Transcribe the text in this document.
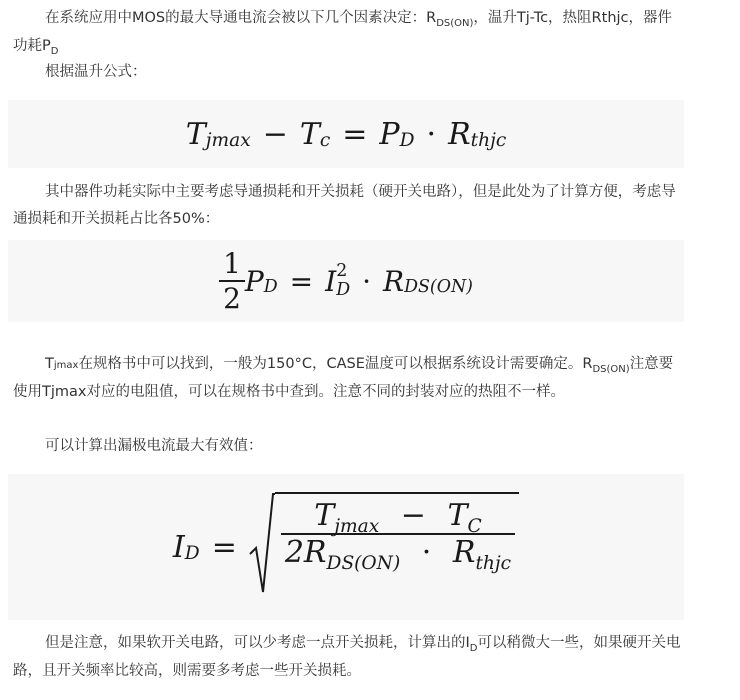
在系统应用中MOS的最大导通电流会被以下几个因素决定：$R_{DS(ON)}$，温升Tj-Tc，热阻Rthjc，器件功耗$P_D$

根据温升公式：

T jmax − T c = P D · R thjc

其中器件功耗实际中主要考虑导通损耗和开关损耗（硬开关电路），但是此处为了计算方便，考虑导通损耗和开关损耗占比各50%：

$\frac{1}{2}$ P D = I 2
D · R DS(ON)

Tjmax在规格书中可以找到，一般为150°C，CASE温度可以根据系统设计需要确定。$R_{DS(ON)}$注意要使用Tjmax对应的电阻值，可以在规格书中查到。注意不同的封装对应的热阻不一样。

可以计算出漏极电流最大有效值：

I D =	$\frac{T_{jmax} - T_C}{2R_{DS(ON)} \cdot R_{thjc}}$

但是注意，如果软开关电路，可以少考虑一点开关损耗，计算出的$I_D$可以稍微大一些，如果硬开关电路，且开关频率比较高，则需要多考虑一些开关损耗。
